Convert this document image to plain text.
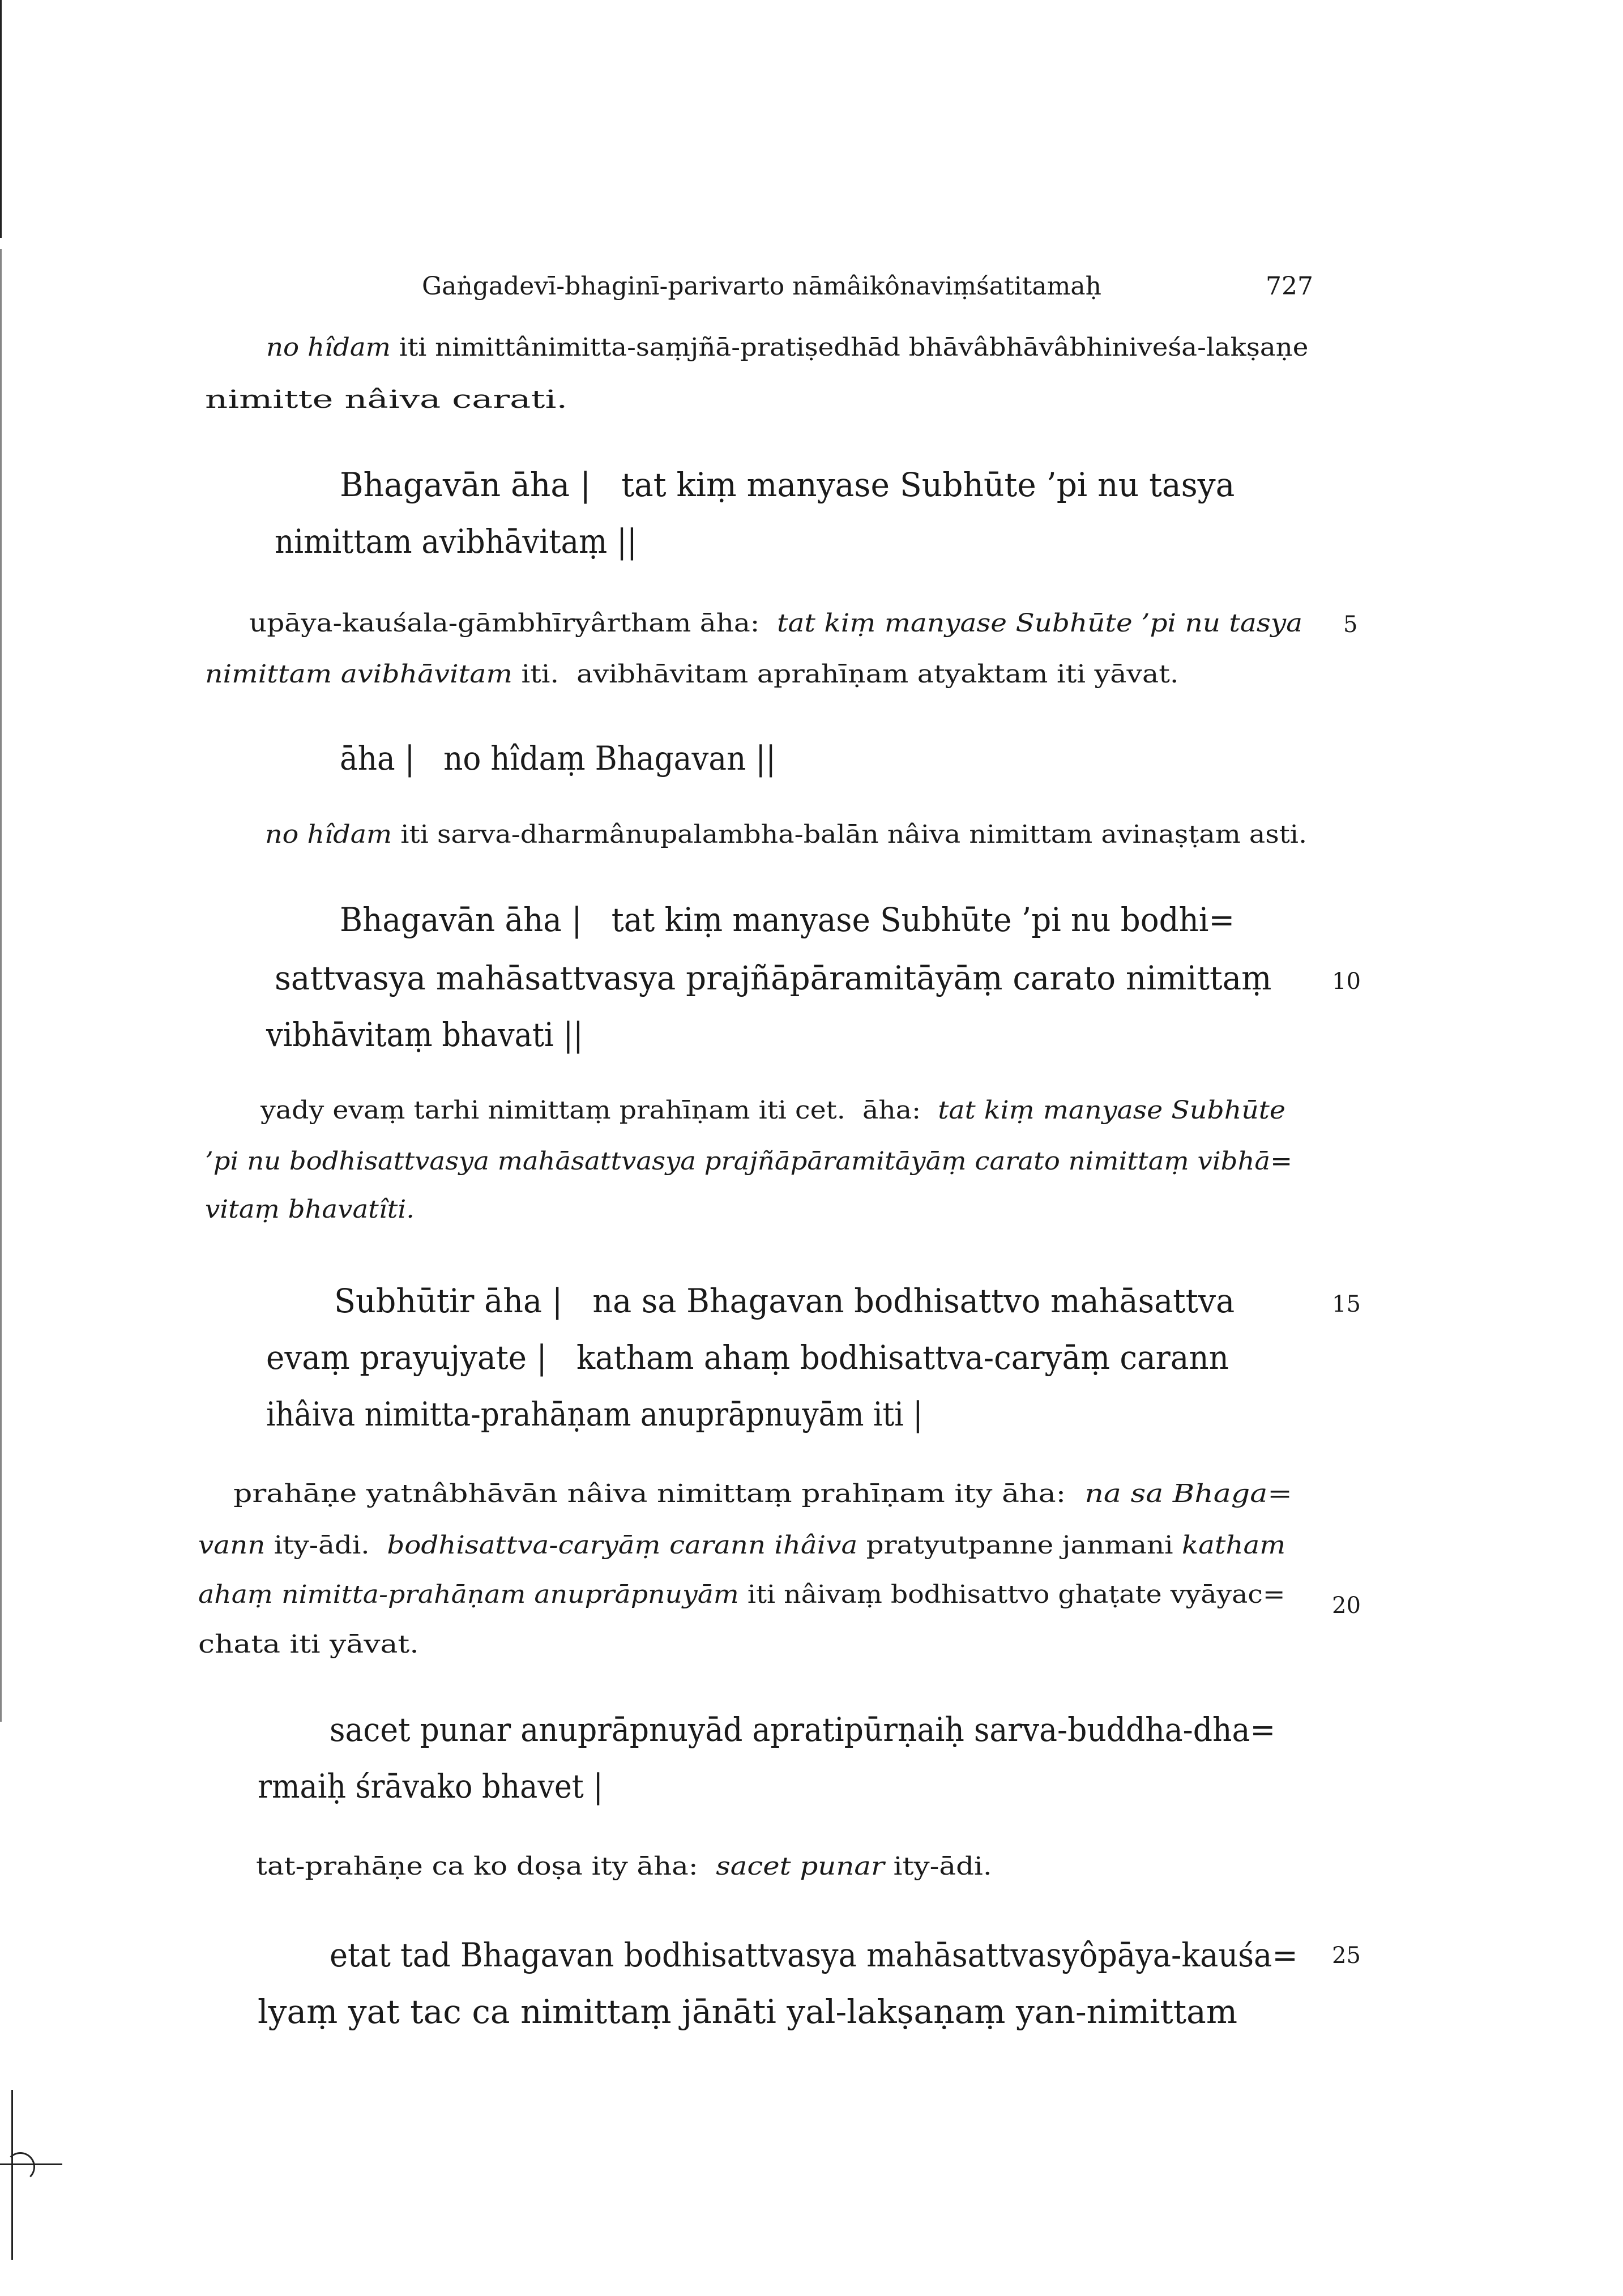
Gaṅgadevī-bhaginī-parivarto nāmâikônaviṃśatitamaḥ	727
no hîdam iti nimittânimitta-saṃjñā-pratiṣedhād bhāvâbhāvâbhiniveśa-lakṣaṇe
nimitte nâiva carati.
Bhagavān āha |   tat kiṃ manyase Subhūte ’pi nu tasya
nimittam avibhāvitaṃ ||
upāya-kauśala-gāmbhīryârtham āha:  tat kiṃ manyase Subhūte ’pi nu tasya
nimittam avibhāvitam iti.  avibhāvitam aprahīṇam atyaktam iti yāvat.
āha |   no hîdaṃ Bhagavan ||
no hîdam iti sarva-dharmânupalambha-balān nâiva nimittam avinaṣṭam asti.
Bhagavān āha |   tat kiṃ manyase Subhūte ’pi nu bodhi=
sattvasya mahāsattvasya prajñāpāramitāyāṃ carato nimittaṃ
vibhāvitaṃ bhavati ||
yady evaṃ tarhi nimittaṃ prahīṇam iti cet.  āha:  tat kiṃ manyase Subhūte
’pi nu bodhisattvasya mahāsattvasya prajñāpāramitāyāṃ carato nimittaṃ vibhā=
vitaṃ bhavatîti.
Subhūtir āha |   na sa Bhagavan bodhisattvo mahāsattva
evaṃ prayujyate |   katham ahaṃ bodhisattva-caryāṃ carann
ihâiva nimitta-prahāṇam anuprāpnuyām iti |
prahāṇe yatnâbhāvān nâiva nimittaṃ prahīṇam ity āha:  na sa Bhaga=
vann ity-ādi.  bodhisattva-caryāṃ carann ihâiva pratyutpanne janmani katham
ahaṃ nimitta-prahāṇam anuprāpnuyām iti nâivaṃ bodhisattvo ghaṭate vyāyac=
chata iti yāvat.
sacet punar anuprāpnuyād apratipūrṇaiḥ sarva-buddha-dha=
rmaiḥ śrāvako bhavet |
tat-prahāṇe ca ko doṣa ity āha:  sacet punar ity-ādi.
etat tad Bhagavan bodhisattvasya mahāsattvasyôpāya-kauśa=
lyaṃ yat tac ca nimittaṃ jānāti yal-lakṣaṇaṃ yan-nimittam
5
10
15
20
25
